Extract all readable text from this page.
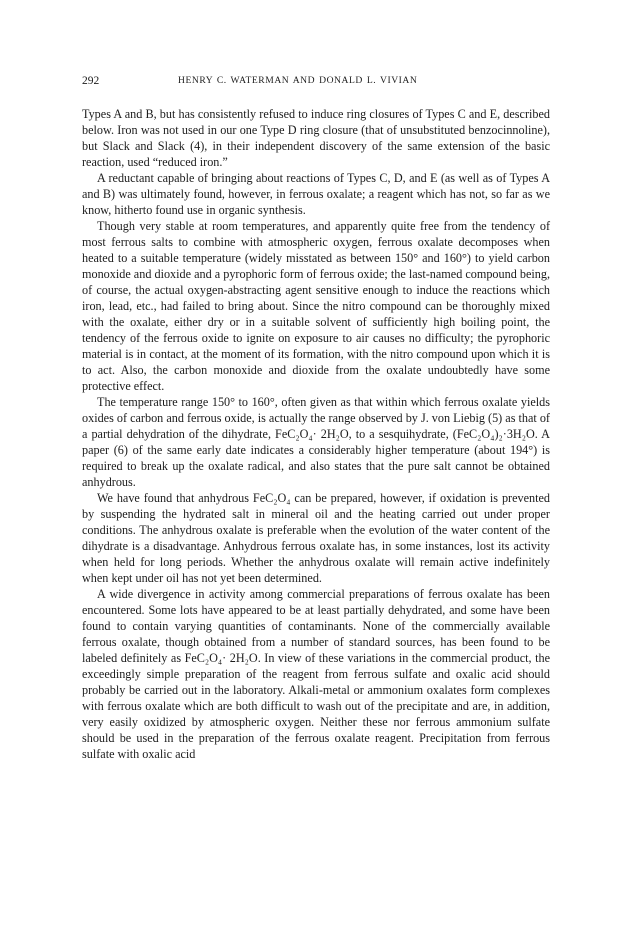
292	HENRY C. WATERMAN AND DONALD L. VIVIAN

Types A and B, but has consistently refused to induce ring closures of Types C and E, described below. Iron was not used in our one Type D ring closure (that of unsubstituted benzocinnoline), but Slack and Slack (4), in their independent discovery of the same extension of the basic reaction, used “reduced iron.”

A reductant capable of bringing about reactions of Types C, D, and E (as well as of Types A and B) was ultimately found, however, in ferrous oxalate; a reagent which has not, so far as we know, hitherto found use in organic synthesis.

Though very stable at room temperatures, and apparently quite free from the tendency of most ferrous salts to combine with atmospheric oxygen, ferrous oxalate decomposes when heated to a suitable temperature (widely misstated as between 150° and 160°) to yield carbon monoxide and dioxide and a pyrophoric form of ferrous oxide; the last-named compound being, of course, the actual oxygen-abstracting agent sensitive enough to induce the reactions which iron, lead, etc., had failed to bring about. Since the nitro compound can be thoroughly mixed with the oxalate, either dry or in a suitable solvent of sufficiently high boiling point, the tendency of the ferrous oxide to ignite on exposure to air causes no difficulty; the pyrophoric material is in contact, at the moment of its formation, with the nitro compound upon which it is to act. Also, the carbon monoxide and dioxide from the oxalate undoubtedly have some protective effect.

The temperature range 150° to 160°, often given as that within which ferrous oxalate yields oxides of carbon and ferrous oxide, is actually the range observed by J. von Liebig (5) as that of a partial dehydration of the dihydrate, FeC₂O₄· 2H₂O, to a sesquihydrate, (FeC₂O₄)₂·3H₂O. A paper (6) of the same early date indicates a considerably higher temperature (about 194°) is required to break up the oxalate radical, and also states that the pure salt cannot be obtained anhydrous.

We have found that anhydrous FeC₂O₄ can be prepared, however, if oxidation is prevented by suspending the hydrated salt in mineral oil and the heating carried out under proper conditions. The anhydrous oxalate is preferable when the evolution of the water content of the dihydrate is a disadvantage. Anhydrous ferrous oxalate has, in some instances, lost its activity when held for long periods. Whether the anhydrous oxalate will remain active indefinitely when kept under oil has not yet been determined.

A wide divergence in activity among commercial preparations of ferrous oxalate has been encountered. Some lots have appeared to be at least partially dehydrated, and some have been found to contain varying quantities of contaminants. None of the commercially available ferrous oxalate, though obtained from a number of standard sources, has been found to be labeled definitely as FeC₂O₄· 2H₂O. In view of these variations in the commercial product, the exceedingly simple preparation of the reagent from ferrous sulfate and oxalic acid should probably be carried out in the laboratory. Alkali-metal or ammonium oxalates form complexes with ferrous oxalate which are both difficult to wash out of the precipitate and are, in addition, very easily oxidized by atmospheric oxygen. Neither these nor ferrous ammonium sulfate should be used in the preparation of the ferrous oxalate reagent. Precipitation from ferrous sulfate with oxalic acid
